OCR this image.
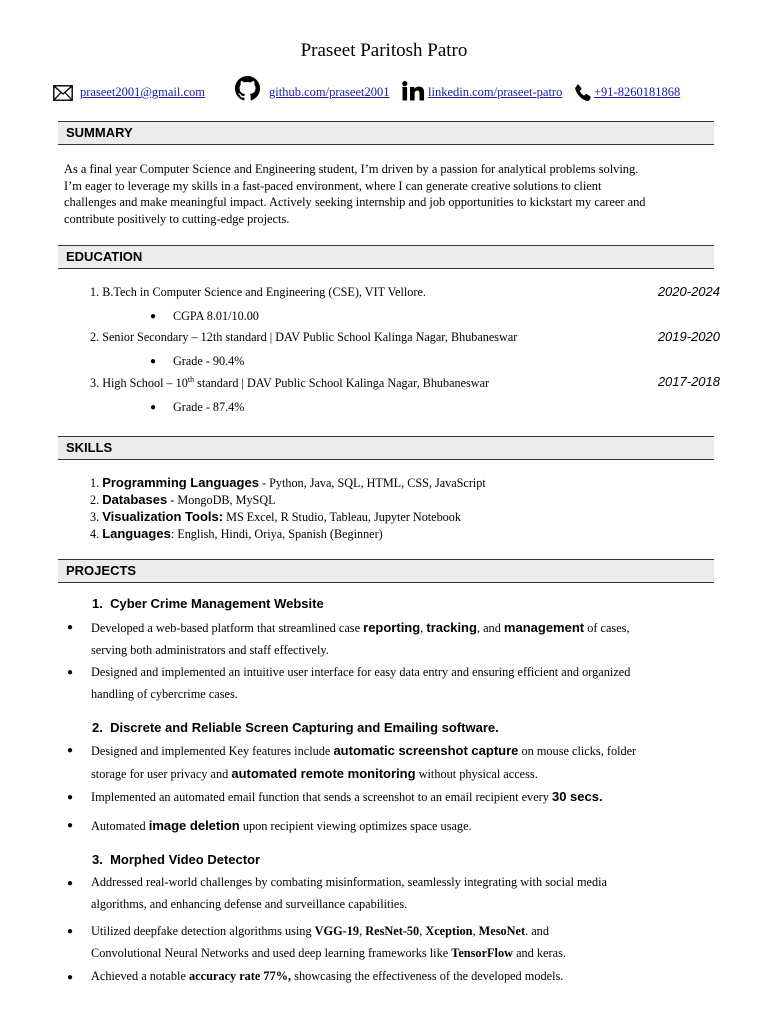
Praseet Paritosh Patro
praseet2001@gmail.com	github.com/praseet2001	linkedin.com/praseet-patro	+91-8260181868
SUMMARY
As a final year Computer Science and Engineering student, I’m driven by a passion for analytical problems solving.
I’m eager to leverage my skills in a fast-paced environment, where I can generate creative solutions to client
challenges and make meaningful impact. Actively seeking internship and job opportunities to kickstart my career and
contribute positively to cutting-edge projects.
EDUCATION
1. B.Tech in Computer Science and Engineering (CSE), VIT Vellore.	2020-2024
● CGPA 8.01/10.00
2. Senior Secondary – 12th standard | DAV Public School Kalinga Nagar, Bhubaneswar	2019-2020
● Grade - 90.4%
3. High School – 10th standard | DAV Public School Kalinga Nagar, Bhubaneswar	2017-2018
● Grade - 87.4%
SKILLS
1. Programming Languages - Python, Java, SQL, HTML, CSS, JavaScript
2. Databases - MongoDB, MySQL
3. Visualization Tools: MS Excel, R Studio, Tableau, Jupyter Notebook
4. Languages: English, Hindi, Oriya, Spanish (Beginner)
PROJECTS
1. Cyber Crime Management Website
● Developed a web-based platform that streamlined case reporting, tracking, and management of cases,
serving both administrators and staff effectively.
● Designed and implemented an intuitive user interface for easy data entry and ensuring efficient and organized
handling of cybercrime cases.
2. Discrete and Reliable Screen Capturing and Emailing software.
● Designed and implemented Key features include automatic screenshot capture on mouse clicks, folder
storage for user privacy and automated remote monitoring without physical access.
● Implemented an automated email function that sends a screenshot to an email recipient every 30 secs.
● Automated image deletion upon recipient viewing optimizes space usage.
3. Morphed Video Detector
● Addressed real-world challenges by combating misinformation, seamlessly integrating with social media
algorithms, and enhancing defense and surveillance capabilities.
● Utilized deepfake detection algorithms using VGG-19, ResNet-50, Xception, MesoNet. and
Convolutional Neural Networks and used deep learning frameworks like TensorFlow and keras.
● Achieved a notable accuracy rate 77%, showcasing the effectiveness of the developed models.
